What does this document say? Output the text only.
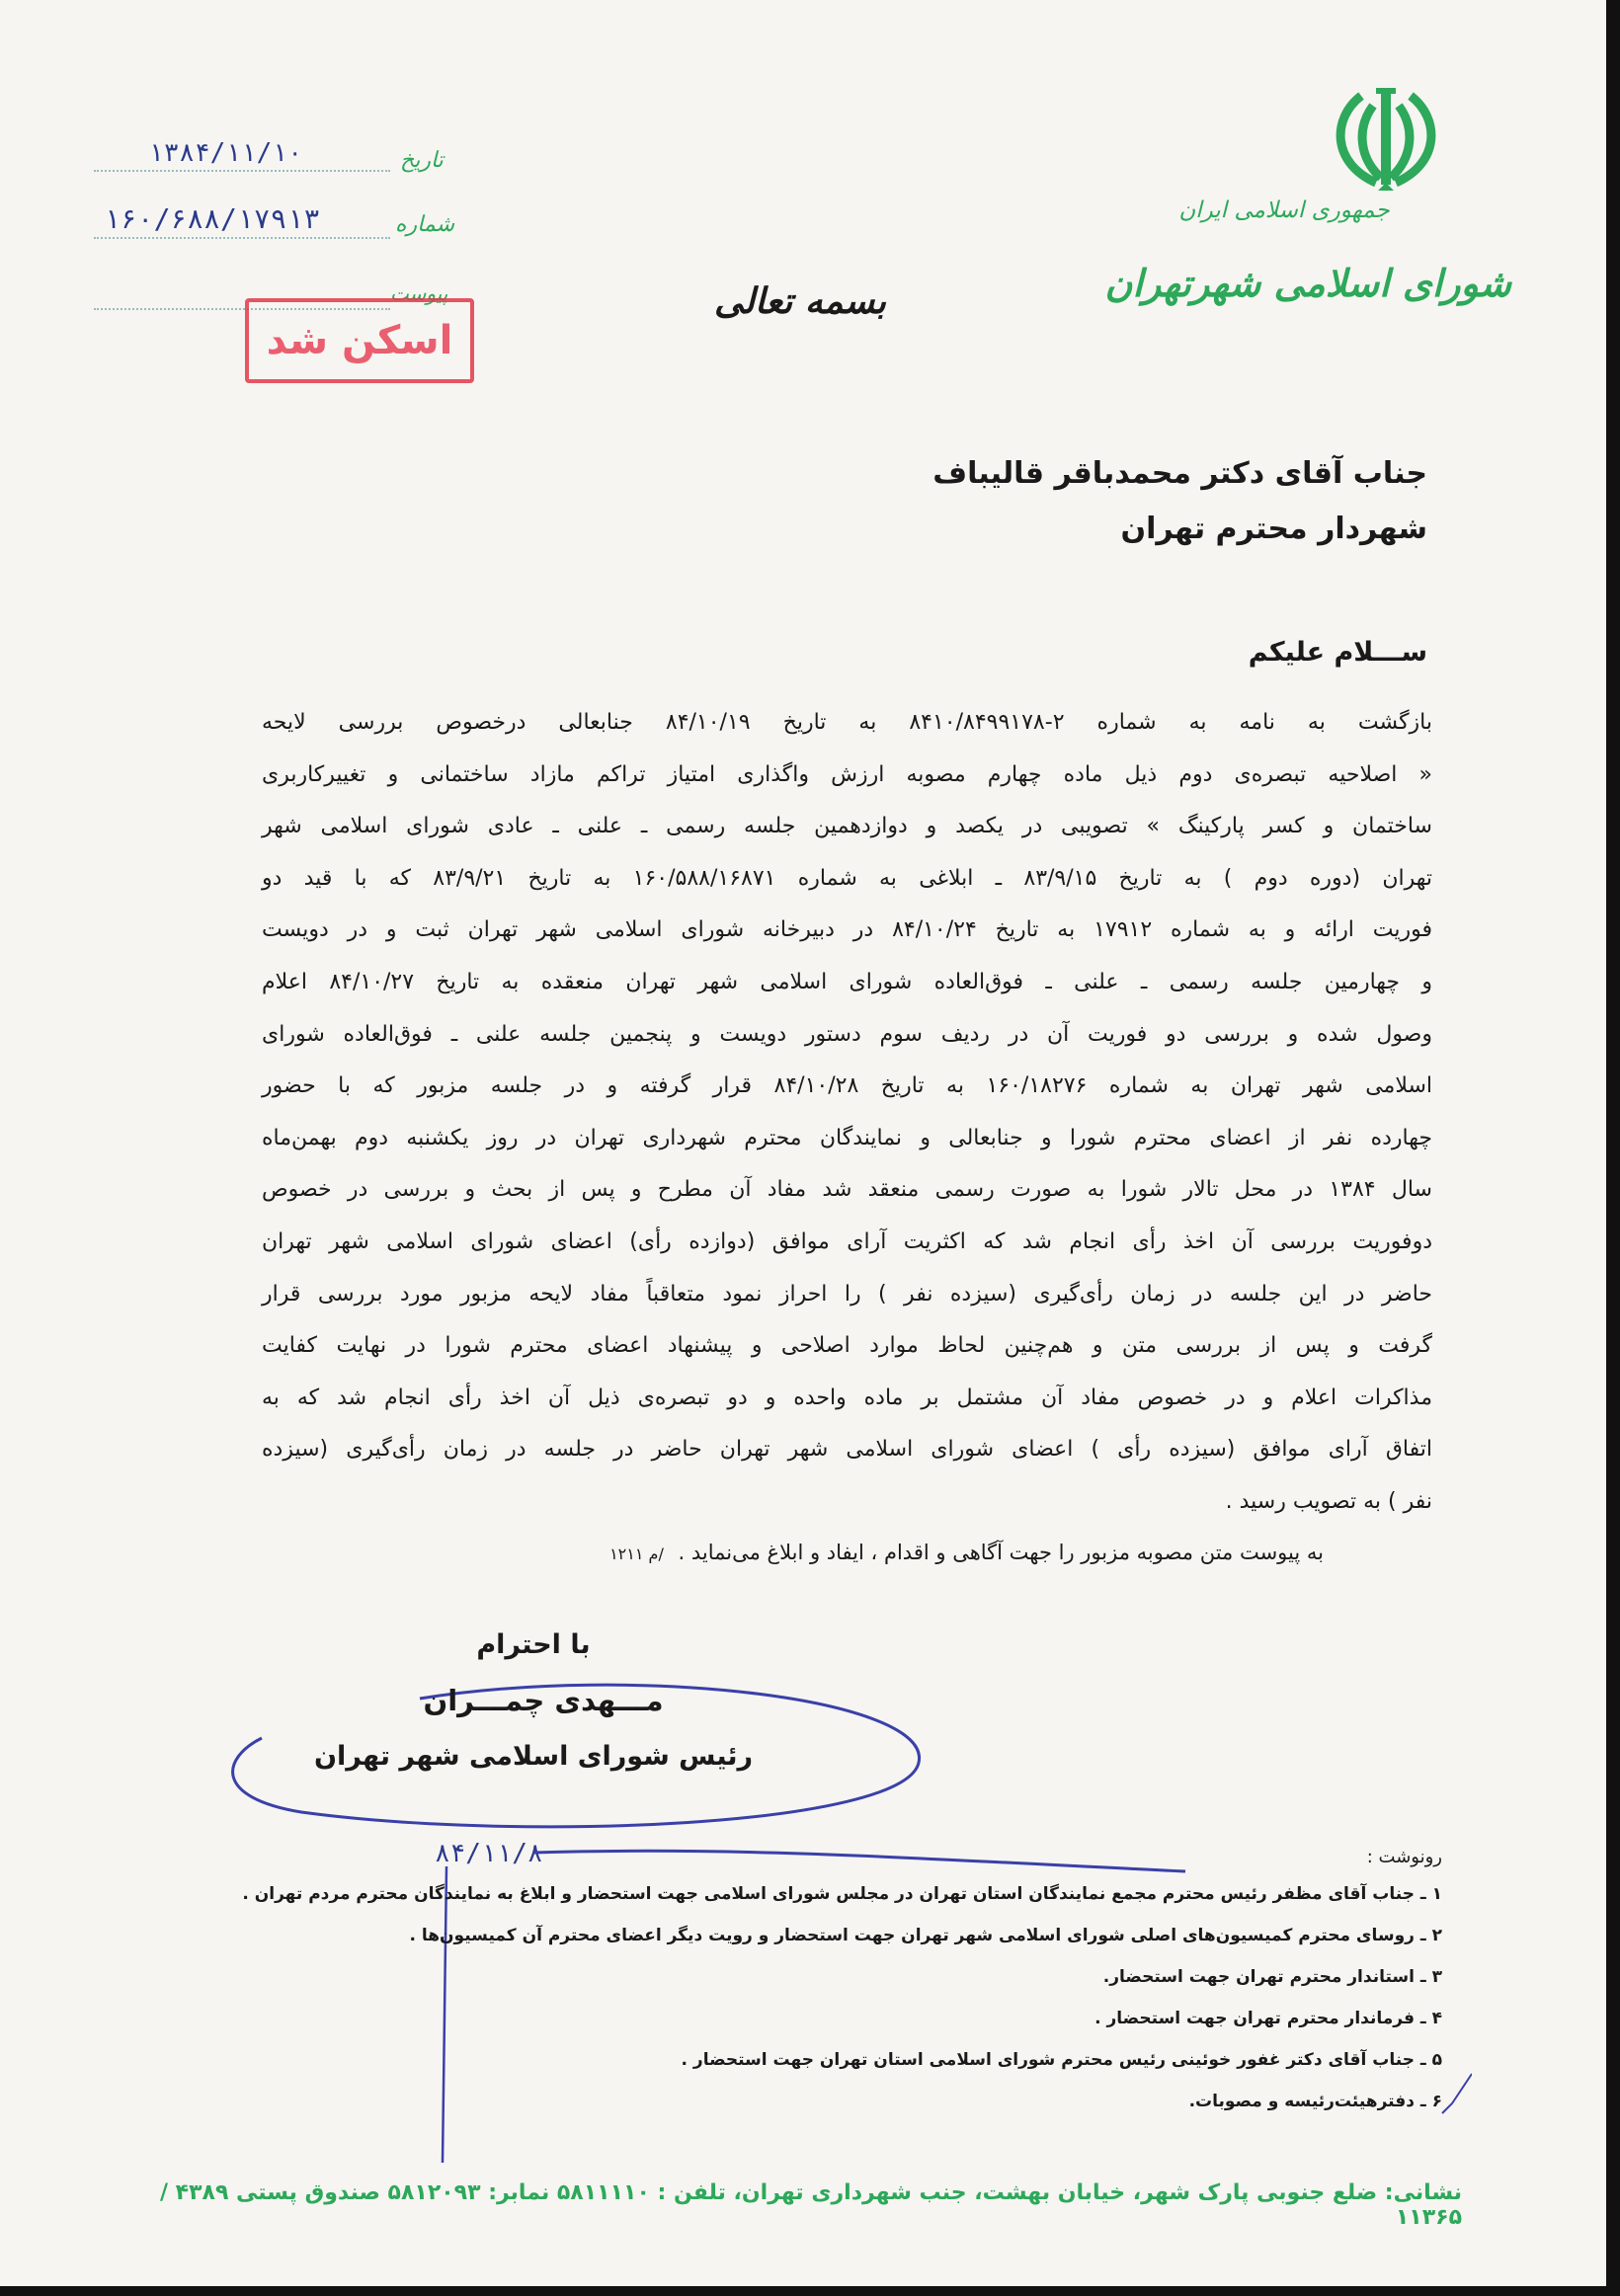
جمهوری اسلامی ایران
شورای اسلامی شهرتهران
بسمه تعالی
تاریخ
۱۳۸۴/۱۱/۱۰
شماره
۱۶۰/۶۸۸/۱۷۹۱۳
پیوست
اسکن شد
جناب آقای دکتر محمدباقر قالیباف
شهردار محترم تهران
ســـلام علیکم
بازگشت به نامه به شماره ۲-۸۴۱۰/۸۴۹۹۱۷۸ به تاریخ ۸۴/۱۰/۱۹ جنابعالی درخصوص بررسی لایحه
« اصلاحیه تبصره‌ی دوم ذیل ماده چهارم مصوبه ارزش واگذاری امتیاز تراکم مازاد ساختمانی و تغییرکاربری
ساختمان و کسر پارکینگ » تصویبی در یکصد و دوازدهمین جلسه رسمی ـ علنی ـ عادی شورای اسلامی شهر
تهران (دوره دوم ) به تاریخ ۸۳/۹/۱۵ ـ ابلاغی به شماره ۱۶۰/۵۸۸/۱۶۸۷۱ به تاریخ ۸۳/۹/۲۱ که با قید دو
فوریت ارائه و به شماره ۱۷۹۱۲ به تاریخ ۸۴/۱۰/۲۴ در دبیرخانه شورای اسلامی شهر تهران ثبت و در دویست
و چهارمین جلسه رسمی ـ علنی ـ فوق‌العاده شورای اسلامی شهر تهران منعقده به تاریخ ۸۴/۱۰/۲۷ اعلام
وصول شده و بررسی دو فوریت آن در ردیف سوم دستور دویست و پنجمین جلسه علنی ـ فوق‌العاده شورای
اسلامی شهر تهران به شماره ۱۶۰/۱۸۲۷۶ به تاریخ ۸۴/۱۰/۲۸ قرار گرفته و در جلسه مزبور که با حضور
چهارده نفر از اعضای محترم شورا و جنابعالی و نمایندگان محترم شهرداری تهران در روز یکشنبه دوم بهمن‌ماه
سال ۱۳۸۴ در محل تالار شورا به صورت رسمی منعقد شد مفاد آن مطرح و پس از بحث و بررسی در خصوص
دوفوریت بررسی آن اخذ رأی انجام شد که اکثریت آرای موافق (دوازده رأی) اعضای شورای اسلامی شهر تهران
حاضر در این جلسه در زمان رأی‌گیری (سیزده نفر ) را احراز نمود متعاقباً مفاد لایحه مزبور مورد بررسی قرار
گرفت و پس از بررسی متن و هم‌چنین لحاظ موارد اصلاحی و پیشنهاد اعضای محترم شورا در نهایت کفایت
مذاکرات اعلام و در خصوص مفاد آن مشتمل بر ماده واحده و دو تبصره‌ی ذیل آن اخذ رأی انجام شد که به
اتفاق آرای موافق (سیزده رأی ) اعضای شورای اسلامی شهر تهران حاضر در جلسه در زمان رأی‌گیری (سیزده
نفر ) به تصویب رسید .
به پیوست متن مصوبه مزبور را جهت آگاهی و اقدام ، ایفاد و ابلاغ می‌نماید . /م ۱۲۱۱
با احترام
مـــهدی چمـــران
رئیس شورای اسلامی شهر تهران
۸۴/۱۱/۸	رونوشت :
۱ ـ جناب آقای مظفر رئیس محترم مجمع نمایندگان استان تهران در مجلس شورای اسلامی جهت استحضار و ابلاغ به نمایندگان محترم مردم تهران .
۲ ـ روسای محترم کمیسیون‌های اصلی شورای اسلامی شهر تهران جهت استحضار و رویت دیگر اعضای محترم آن کمیسیون‌ها .
۳ ـ استاندار محترم تهران جهت استحضار.
۴ ـ فرماندار محترم تهران جهت استحضار .
۵ ـ جناب آقای دکتر غفور خوئینی رئیس محترم شورای اسلامی استان تهران جهت استحضار .
۶ ـ دفترهیئت‌رئیسه و مصوبات.
نشانی: ضلع جنوبی پارک شهر، خیابان بهشت، جنب شهرداری تهران، تلفن : ۵۸۱۱۱۱۰ نمابر: ۵۸۱۲۰۹۳ صندوق پستی ۴۳۸۹ / ۱۱۳۶۵
